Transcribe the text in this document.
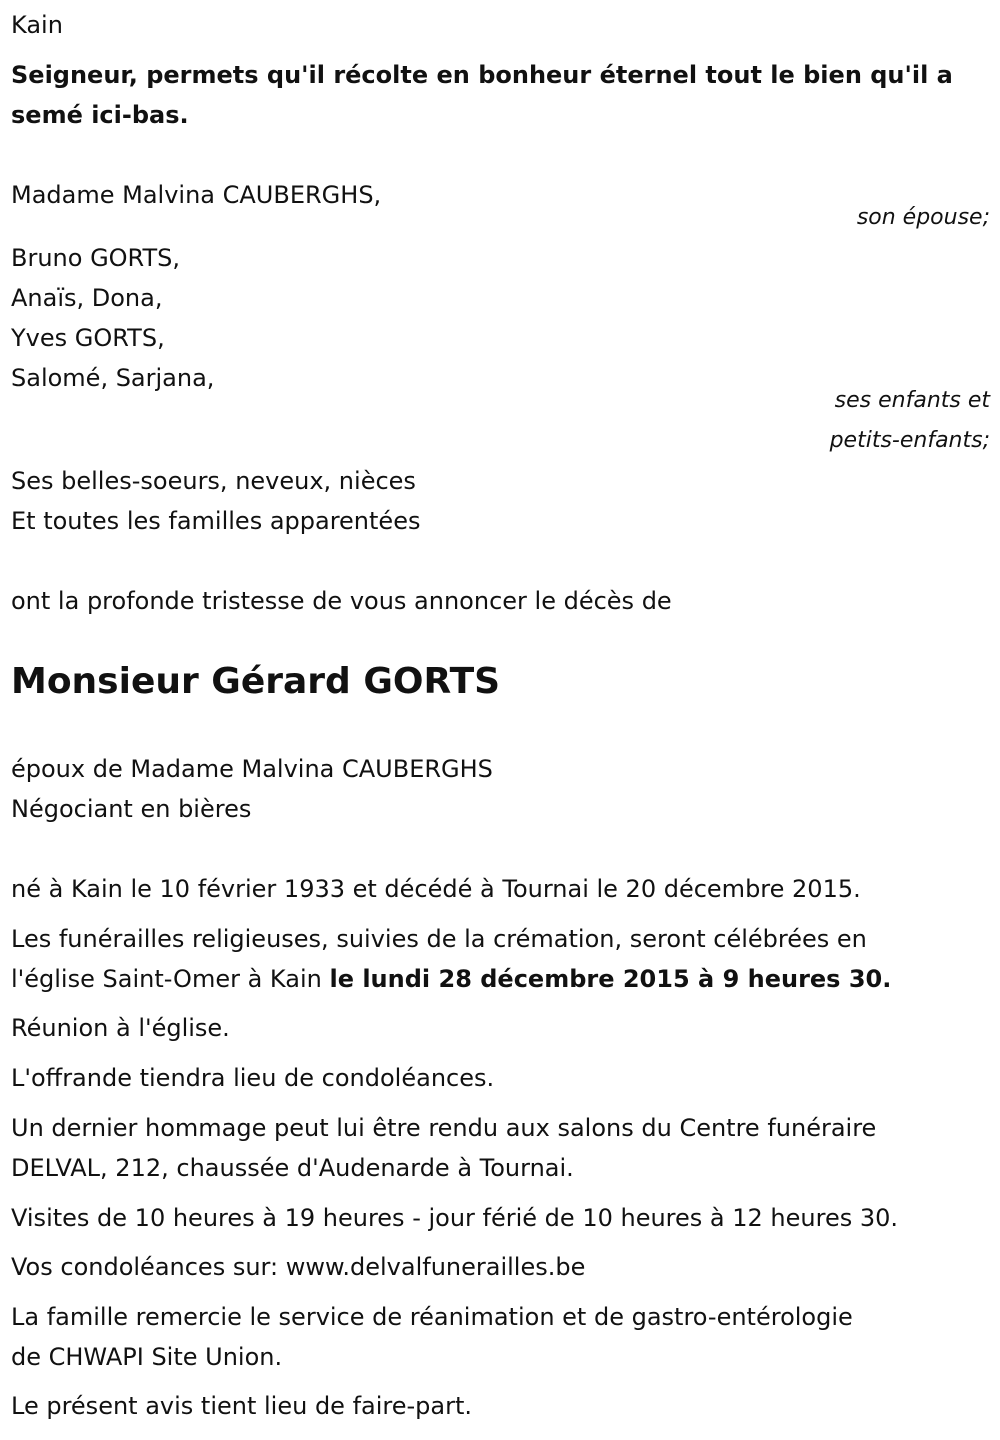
Kain
Seigneur, permets qu'il récolte en bonheur éternel tout le bien qu'il a
semé ici-bas.
Madame Malvina CAUBERGHS,
son épouse;
Bruno GORTS,
Anaïs, Dona,
Yves GORTS,
Salomé, Sarjana,
ses enfants et
petits-enfants;
Ses belles-soeurs, neveux, nièces
Et toutes les familles apparentées
ont la profonde tristesse de vous annoncer le décès de
Monsieur Gérard GORTS
époux de Madame Malvina CAUBERGHS
Négociant en bières
né à Kain le 10 février 1933 et décédé à Tournai le 20 décembre 2015.
Les funérailles religieuses, suivies de la crémation, seront célébrées en
l'église Saint-Omer à Kain le lundi 28 décembre 2015 à 9 heures 30.
Réunion à l'église.
L'offrande tiendra lieu de condoléances.
Un dernier hommage peut lui être rendu aux salons du Centre funéraire
DELVAL, 212, chaussée d'Audenarde à Tournai.
Visites de 10 heures à 19 heures - jour férié de 10 heures à 12 heures 30.
Vos condoléances sur: www.delvalfunerailles.be
La famille remercie le service de réanimation et de gastro-entérologie
de CHWAPI Site Union.
Le présent avis tient lieu de faire-part.
